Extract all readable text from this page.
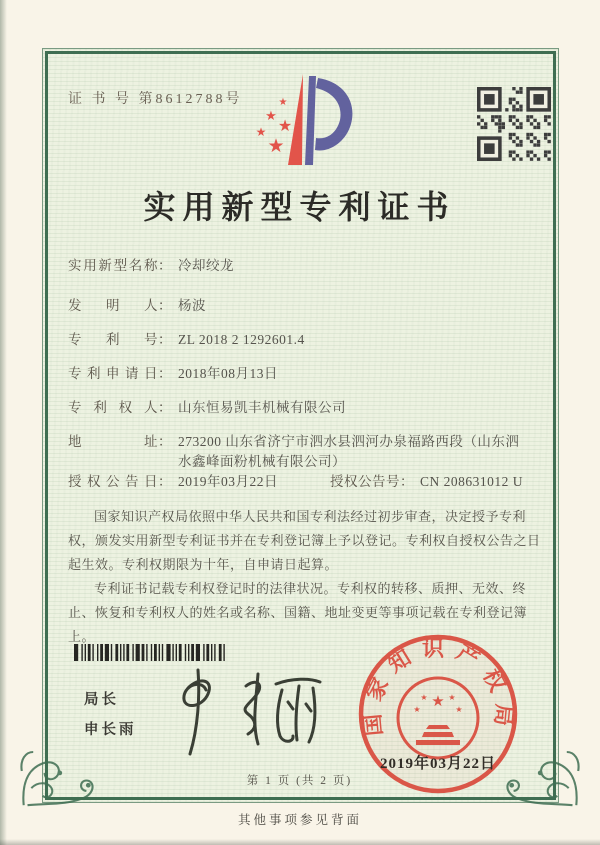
证 书 号 第8612788号	★
★ ★
★
★
实用新型专利证书
实用新型名称： 冷却绞龙
发明人： 杨波
专利号： ZL 2018 2 1292601.4
专利申请日： 2018年08月13日
专利权人： 山东恒易凯丰机械有限公司
地址： 273200 山东省济宁市泗水县泗河办泉福路西段（山东泗水鑫峰面粉机械有限公司）
授权公告日： 2019年03月22日	授权公告号： CN 208631012 U

国家知识产权局依照中华人民共和国专利法经过初步审查，决定授予专利权，颁发实用新型专利证书并在专利登记簿上予以登记。专利权自授权公告之日起生效。专利权期限为十年，自申请日起算。

专利证书记载专利权登记时的法律状况。专利权的转移、质押、无效、终止、恢复和专利权人的姓名或名称、国籍、地址变更等事项记载在专利登记簿上。

局长
申长雨	国家知识产权局
★
★	★
★	★
2019年03月22日
第 1 页 (共 2 页)
其他事项参见背面
